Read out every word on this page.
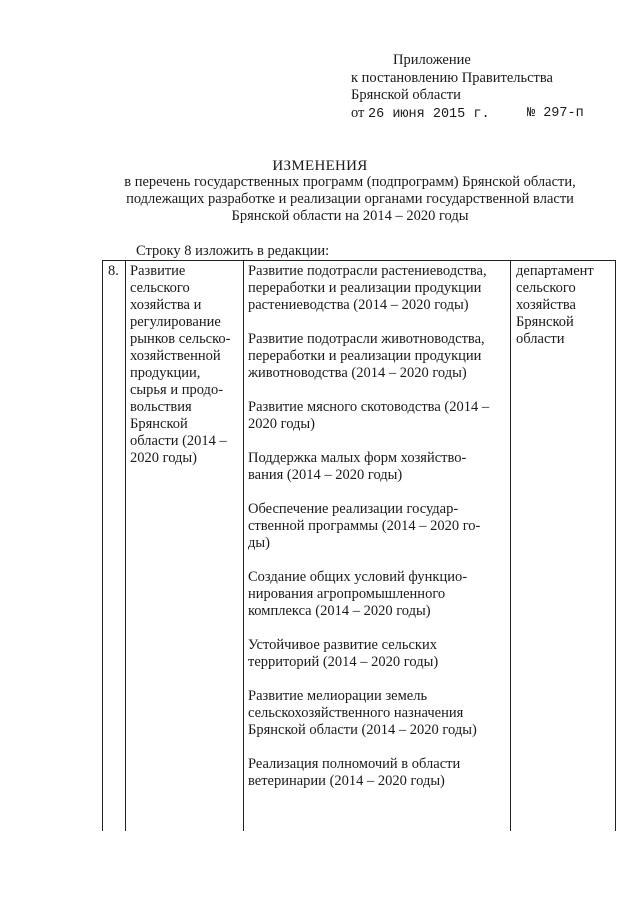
Приложение
к постановлению Правительства
Брянской области
от 26 июня 2015 г.	№ 297-п
ИЗМЕНЕНИЯ
в перечень государственных программ (подпрограмм) Брянской области, подлежащих разработке и реализации органами государственной власти Брянской области на 2014 – 2020 годы
Строку 8 изложить в редакции:
8. Развитие
сельского
хозяйства и
регулирование
рынков сельско-
хозяйственной
продукции,
сырья и продо-
вольствия
Брянской
области (2014 –
2020 годы)
Развитие подотрасли растениеводства,
переработки и реализации продукции
растениеводства (2014 – 2020 годы)
Развитие подотрасли животноводства,
переработки и реализации продукции
животноводства (2014 – 2020 годы)
Развитие мясного скотоводства (2014 –
2020 годы)
Поддержка малых форм хозяйство-
вания (2014 – 2020 годы)
Обеспечение реализации государ-
ственной программы (2014 – 2020 го-
ды)
Создание общих условий функцио-
нирования агропромышленного
комплекса (2014 – 2020 годы)
Устойчивое развитие сельских
территорий (2014 – 2020 годы)
Развитие мелиорации земель
сельскохозяйственного назначения
Брянской области (2014 – 2020 годы)
Реализация полномочий в области
ветеринарии (2014 – 2020 годы)
департамент
сельского
хозяйства
Брянской
области
